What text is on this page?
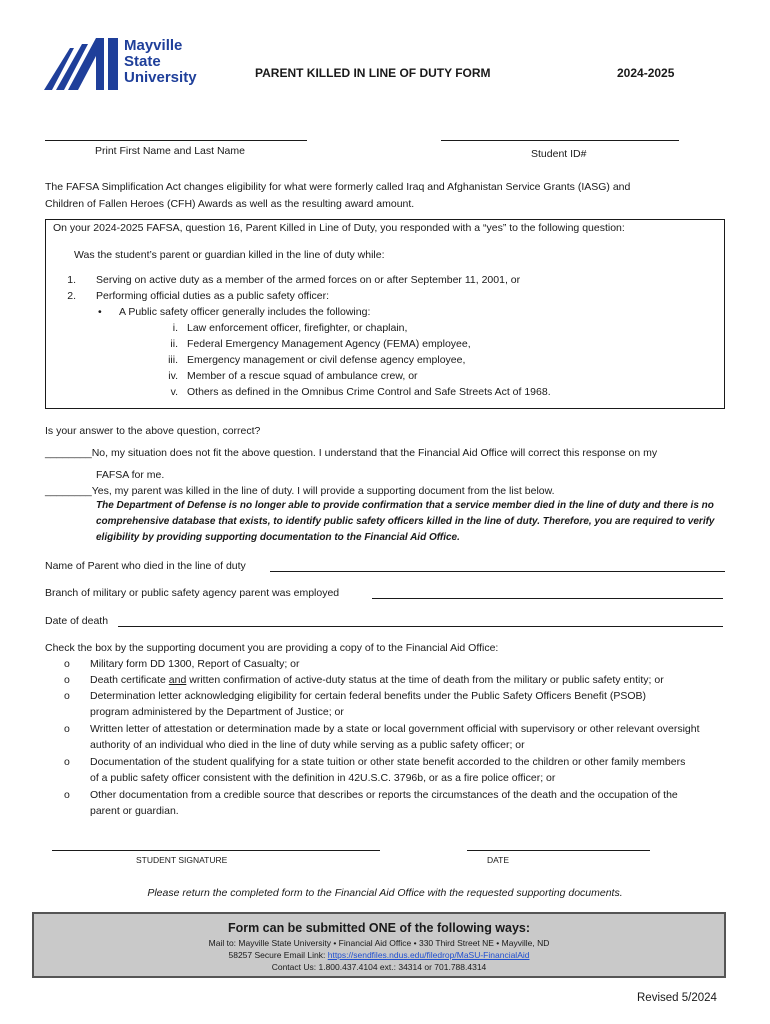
Mayville
State
University	PARENT KILLED IN LINE OF DUTY FORM	2024-2025
Print First Name and Last Name	Student ID#
The FAFSA Simplification Act changes eligibility for what were formerly called Iraq and Afghanistan Service Grants (IASG) and
Children of Fallen Heroes (CFH) Awards as well as the resulting award amount.
On your 2024-2025 FAFSA, question 16, Parent Killed in Line of Duty, you responded with a “yes” to the following question:
Was the student’s parent or guardian killed in the line of duty while:
1. Serving on active duty as a member of the armed forces on or after September 11, 2001, or
2. Performing official duties as a public safety officer:
• A Public safety officer generally includes the following:
i. Law enforcement officer, firefighter, or chaplain,
ii. Federal Emergency Management Agency (FEMA) employee,
iii. Emergency management or civil defense agency employee,
iv. Member of a rescue squad of ambulance crew, or
v. Others as defined in the Omnibus Crime Control and Safe Streets Act of 1968.
Is your answer to the above question, correct?
________No, my situation does not fit the above question. I understand that the Financial Aid Office will correct this response on my
FAFSA for me.
________Yes, my parent was killed in the line of duty. I will provide a supporting document from the list below.
The Department of Defense is no longer able to provide confirmation that a service member died in the line of duty and there is no
comprehensive database that exists, to identify public safety officers killed in the line of duty. Therefore, you are required to verify
eligibility by providing supporting documentation to the Financial Aid Office.
Name of Parent who died in the line of duty
Branch of military or public safety agency parent was employed
Date of death
Check the box by the supporting document you are providing a copy of to the Financial Aid Office:
o Military form DD 1300, Report of Casualty; or
o Death certificate and written confirmation of active-duty status at the time of death from the military or public safety entity; or
o Determination letter acknowledging eligibility for certain federal benefits under the Public Safety Officers Benefit (PSOB)
program administered by the Department of Justice; or
o Written letter of attestation or determination made by a state or local government official with supervisory or other relevant oversight
authority of an individual who died in the line of duty while serving as a public safety officer; or
o Documentation of the student qualifying for a state tuition or other state benefit accorded to the children or other family members
of a public safety officer consistent with the definition in 42U.S.C. 3796b, or as a fire police officer; or
o Other documentation from a credible source that describes or reports the circumstances of the death and the occupation of the
parent or guardian.
STUDENT SIGNATURE	DATE
Please return the completed form to the Financial Aid Office with the requested supporting documents.
Form can be submitted ONE of the following ways:
Mail to: Mayville State University • Financial Aid Office • 330 Third Street NE • Mayville, ND
58257 Secure Email Link: https://sendfiles.ndus.edu/filedrop/MaSU-FinancialAid
Contact Us: 1.800.437.4104 ext.: 34314 or 701.788.4314
Revised 5/2024
